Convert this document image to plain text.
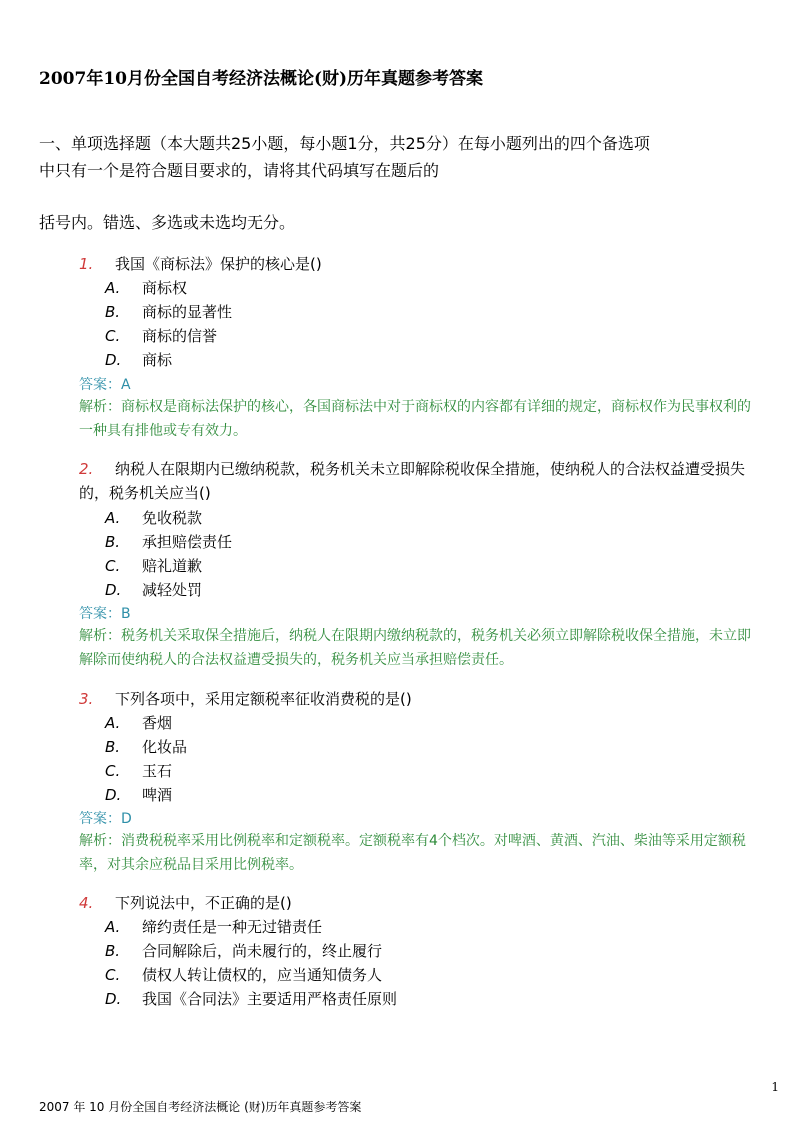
2007年10月份全国自考经济法概论(财)历年真题参考答案
一、单项选择题（本大题共25小题，每小题1分，共25分）在每小题列出的四个备选项
中只有一个是符合题目要求的，请将其代码填写在题后的
括号内。错选、多选或未选均无分。
1. 我国《商标法》保护的核心是()
A. 商标权
B. 商标的显著性
C. 商标的信誉
D. 商标
答案：A
解析：商标权是商标法保护的核心，各国商标法中对于商标权的内容都有详细的规定，商标权作为民事权利的一种具有排他或专有效力。
2. 纳税人在限期内已缴纳税款，税务机关未立即解除税收保全措施，使纳税人的合法权益遭受损失的，税务机关应当()
A. 免收税款
B. 承担赔偿责任
C. 赔礼道歉
D. 减轻处罚
答案：B
解析：税务机关采取保全措施后，纳税人在限期内缴纳税款的，税务机关必须立即解除税收保全措施，未立即解除而使纳税人的合法权益遭受损失的，税务机关应当承担赔偿责任。
3. 下列各项中，采用定额税率征收消费税的是()
A. 香烟
B. 化妆品
C. 玉石
D. 啤酒
答案：D
解析：消费税税率采用比例税率和定额税率。定额税率有4个档次。对啤酒、黄酒、汽油、柴油等采用定额税率，对其余应税品目采用比例税率。
4. 下列说法中，不正确的是()
A. 缔约责任是一种无过错责任
B. 合同解除后，尚未履行的，终止履行
C. 债权人转让债权的，应当通知债务人
D. 我国《合同法》主要适用严格责任原则
1
2007 年 10 月份全国自考经济法概论 (财)历年真题参考答案
